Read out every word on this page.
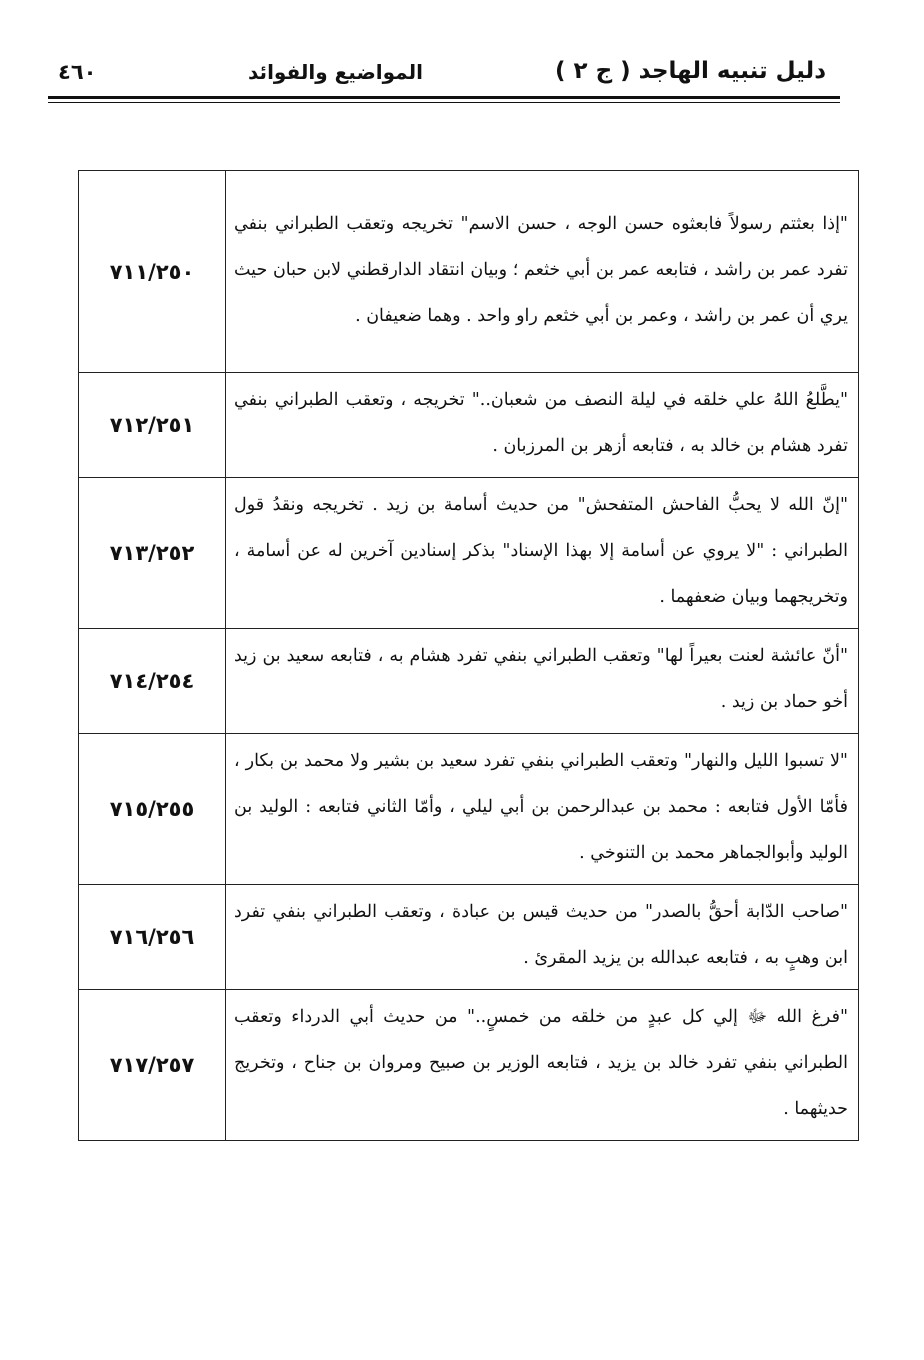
دليل تنبيه الهاجد ( ج ٢ )
المواضيع والفوائد
٤٦٠
"إذا بعثتم رسولاً فابعثوه حسن الوجه ، حسن الاسم" تخريجه وتعقب الطبراني بنفي تفرد عمر بن راشد ، فتابعه عمر بن أبي خثعم ؛ وبيان انتقاد الدارقطني لابن حبان حيث يري أن عمر بن راشد ، وعمر بن أبي خثعم راو واحد . وهما ضعيفان .	٧١١/٢٥٠
"يطَّلعُ اللهُ علي خلقه في ليلة النصف من شعبان.." تخريجه ، وتعقب الطبراني بنفي تفرد هشام بن خالد به ، فتابعه أزهر بن المرزبان .	٧١٢/٢٥١
"إنّ الله لا يحبُّ الفاحش المتفحش" من حديث أسامة بن زيد . تخريجه ونقدُ قول الطبراني : "لا يروي عن أسامة إلا بهذا الإسناد" بذكر إسنادين آخرين له عن أسامة ، وتخريجهما وبيان ضعفهما .	٧١٣/٢٥٢
"أنّ عائشة لعنت بعيراً لها" وتعقب الطبراني بنفي تفرد هشام به ، فتابعه سعيد بن زيد أخو حماد بن زيد .	٧١٤/٢٥٤
"لا تسبوا الليل والنهار" وتعقب الطبراني بنفي تفرد سعيد بن بشير ولا محمد بن بكار ، فأمّا الأول فتابعه : محمد بن عبدالرحمن بن أبي ليلي ، وأمّا الثاني فتابعه : الوليد بن الوليد وأبوالجماهر محمد بن التنوخي .	٧١٥/٢٥٥
"صاحب الدّابة أحقُّ بالصدر" من حديث قيس بن عبادة ، وتعقب الطبراني بنفي تفرد ابن وهبٍ به ، فتابعه عبدالله بن يزيد المقرئ .	٧١٦/٢٥٦
"فرغ الله ﷻ إلي كل عبدٍ من خلقه من خمسٍ.." من حديث أبي الدرداء وتعقب الطبراني بنفي تفرد خالد بن يزيد ، فتابعه الوزير بن صبيح ومروان بن جناح ، وتخريج حديثهما .	٧١٧/٢٥٧
